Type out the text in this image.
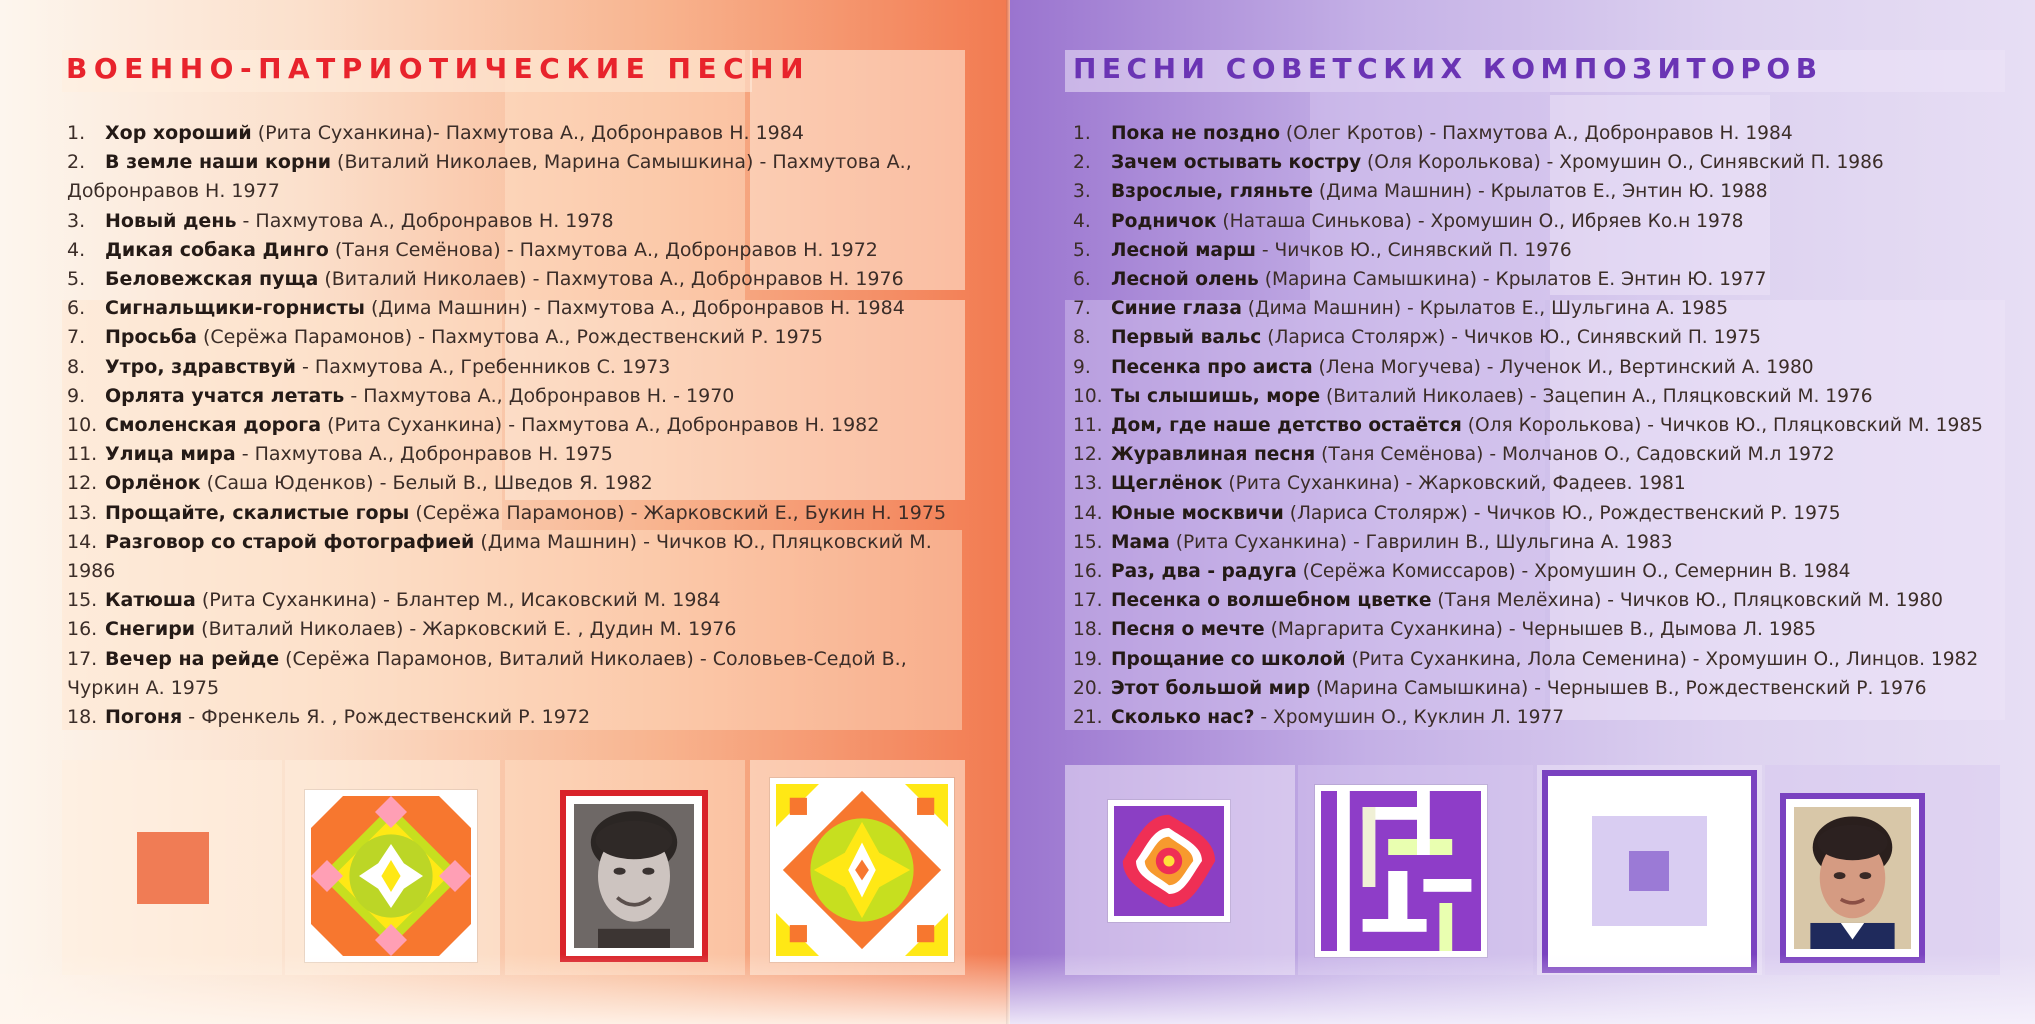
ВОЕННО-ПАТРИОТИЧЕСКИЕ ПЕСНИ
1. Хор хороший (Рита Суханкина)- Пахмутова А., Добронравов Н. 1984
2. В земле наши корни (Виталий Николаев, Марина Самышкина) - Пахмутова А., Добронравов Н. 1977
3. Новый день - Пахмутова А., Добронравов Н. 1978
4. Дикая собака Динго (Таня Семёнова) - Пахмутова А., Добронравов Н. 1972
5. Беловежская пуща (Виталий Николаев) - Пахмутова А., Добронравов Н. 1976
6. Сигнальщики-горнисты (Дима Машнин) - Пахмутова А., Добронравов Н. 1984
7. Просьба (Серёжа Парамонов) - Пахмутова А., Рождественский Р. 1975
8. Утро, здравствуй - Пахмутова А., Гребенников С. 1973
9. Орлята учатся летать - Пахмутова А., Добронравов Н. - 1970
10. Смоленская дорога (Рита Суханкина) - Пахмутова А., Добронравов Н. 1982
11. Улица мира - Пахмутова А., Добронравов Н. 1975
12. Орлёнок (Саша Юденков) - Белый В., Шведов Я. 1982
13. Прощайте, скалистые горы (Серёжа Парамонов) - Жарковский Е., Букин Н. 1975
14. Разговор со старой фотографией (Дима Машнин) - Чичков Ю., Пляцковский М. 1986
15. Катюша (Рита Суханкина) - Блантер М., Исаковский М. 1984
16. Снегири (Виталий Николаев) - Жарковский Е. , Дудин М. 1976
17. Вечер на рейде (Серёжа Парамонов, Виталий Николаев) - Соловьев-Седой В., Чуркин А. 1975
18. Погоня - Френкель Я. , Рождественский Р. 1972
ПЕСНИ СОВЕТСКИХ КОМПОЗИТОРОВ
1. Пока не поздно (Олег Кротов) - Пахмутова А., Добронравов Н. 1984
2. Зачем остывать костру (Оля Королькова) - Хромушин О., Синявский П. 1986
3. Взрослые, гляньте (Дима Машнин) - Крылатов Е., Энтин Ю. 1988
4. Родничок (Наташа Синькова) - Хромушин О., Ибряев Ко.н 1978
5. Лесной марш - Чичков Ю., Синявский П. 1976
6. Лесной олень (Марина Самышкина) - Крылатов Е. Энтин Ю. 1977
7. Синие глаза (Дима Машнин) - Крылатов Е., Шульгина А. 1985
8. Первый вальс (Лариса Столярж) - Чичков Ю., Синявский П. 1975
9. Песенка про аиста (Лена Могучева) - Лученок И., Вертинский А. 1980
10. Ты слышишь, море (Виталий Николаев) - Зацепин А., Пляцковский М. 1976
11. Дом, где наше детство остаётся (Оля Королькова) - Чичков Ю., Пляцковский М. 1985
12. Журавлиная песня (Таня Семёнова) - Молчанов О., Садовский М.л 1972
13. Щеглёнок (Рита Суханкина) - Жарковский, Фадеев. 1981
14. Юные москвичи (Лариса Столярж) - Чичков Ю., Рождественский Р. 1975
15. Мама (Рита Суханкина) - Гаврилин В., Шульгина А. 1983
16. Раз, два - радуга (Серёжа Комиссаров) - Хромушин О., Семернин В. 1984
17. Песенка о волшебном цветке (Таня Мелёхина) - Чичков Ю., Пляцковский М. 1980
18. Песня о мечте (Маргарита Суханкина) - Чернышев В., Дымова Л. 1985
19. Прощание со школой (Рита Суханкина, Лола Семенина) - Хромушин О., Линцов. 1982
20. Этот большой мир (Марина Самышкина) - Чернышев В., Рождественский Р. 1976
21. Сколько нас? - Хромушин О., Куклин Л. 1977
